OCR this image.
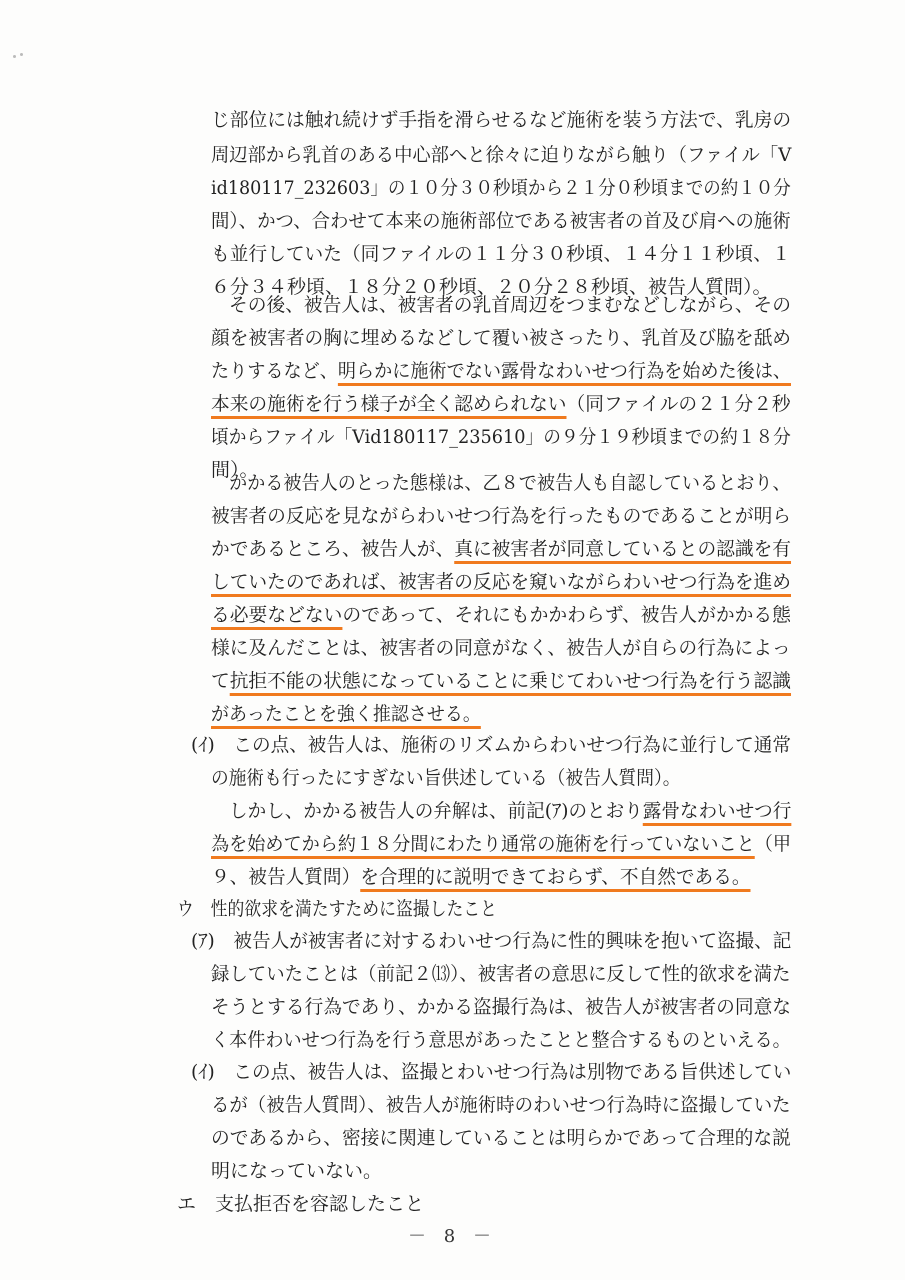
じ部位には触れ続けず手指を滑らせるなど施術を装う方法で、乳房の
周辺部から乳首のある中心部へと徐々に迫りながら触り（ファイル「V
id180117_232603」の１０分３０秒頃から２１分０秒頃までの約１０分
間）、かつ、合わせて本来の施術部位である被害者の首及び肩への施術
も並行していた（同ファイルの１１分３０秒頃、１４分１１秒頃、１
６分３４秒頃、１８分２０秒頃、２０分２８秒頃、被告人質問）。
その後、被告人は、被害者の乳首周辺をつまむなどしながら、その
顔を被害者の胸に埋めるなどして覆い被さったり、乳首及び脇を舐め
たりするなど、明らかに施術でない露骨なわいせつ行為を始めた後は、
本来の施術を行う様子が全く認められない（同ファイルの２１分２秒
頃からファイル「Vid180117_235610」の９分１９秒頃までの約１８分
間）。
かかる被告人のとった態様は、乙８で被告人も自認しているとおり、
被害者の反応を見ながらわいせつ行為を行ったものであることが明ら
かであるところ、被告人が、真に被害者が同意しているとの認識を有
していたのであれば、被害者の反応を窺いながらわいせつ行為を進め
る必要などないのであって、それにもかかわらず、被告人がかかる態
様に及んだことは、被害者の同意がなく、被告人が自らの行為によっ
て抗拒不能の状態になっていることに乗じてわいせつ行為を行う認識
があったことを強く推認させる。
(ｲ)　この点、被告人は、施術のリズムからわいせつ行為に並行して通常
の施術も行ったにすぎない旨供述している（被告人質問）。
しかし、かかる被告人の弁解は、前記(ｱ)のとおり露骨なわいせつ行
為を始めてから約１８分間にわたり通常の施術を行っていないこと（甲
９、被告人質問）を合理的に説明できておらず、不自然である。
ウ　性的欲求を満たすために盗撮したこと
(ｱ)　被告人が被害者に対するわいせつ行為に性的興味を抱いて盗撮、記
録していたことは（前記２⒀）、被害者の意思に反して性的欲求を満た
そうとする行為であり、かかる盗撮行為は、被告人が被害者の同意な
く本件わいせつ行為を行う意思があったことと整合するものといえる。
(ｲ)　この点、被告人は、盗撮とわいせつ行為は別物である旨供述してい
るが（被告人質問）、被告人が施術時のわいせつ行為時に盗撮していた
のであるから、密接に関連していることは明らかであって合理的な説
明になっていない。
エ　支払拒否を容認したこと
－ 8 －
